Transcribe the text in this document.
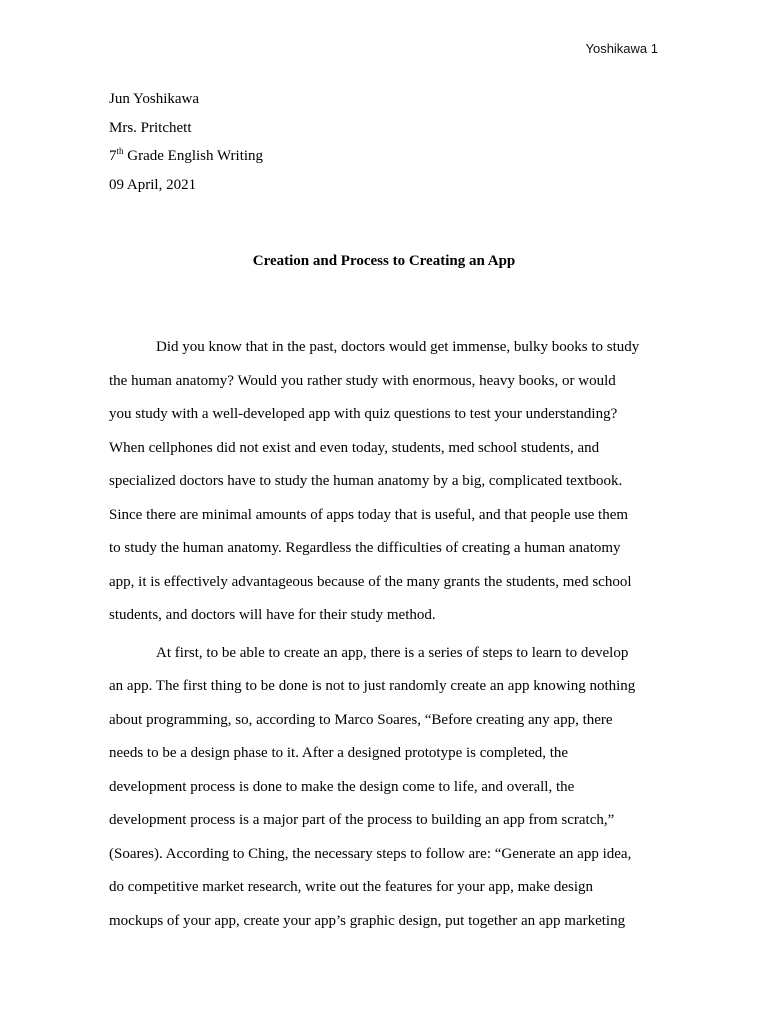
Yoshikawa 1
Jun Yoshikawa
Mrs. Pritchett
7th Grade English Writing
09 April, 2021
Creation and Process to Creating an App
Did you know that in the past, doctors would get immense, bulky books to study
the human anatomy? Would you rather study with enormous, heavy books, or would
you study with a well-developed app with quiz questions to test your understanding?
When cellphones did not exist and even today, students, med school students, and
specialized doctors have to study the human anatomy by a big, complicated textbook.
Since there are minimal amounts of apps today that is useful, and that people use them
to study the human anatomy. Regardless the difficulties of creating a human anatomy
app, it is effectively advantageous because of the many grants the students, med school
students, and doctors will have for their study method.
At first, to be able to create an app, there is a series of steps to learn to develop
an app. The first thing to be done is not to just randomly create an app knowing nothing
about programming, so, according to Marco Soares, “Before creating any app, there
needs to be a design phase to it. After a designed prototype is completed, the
development process is done to make the design come to life, and overall, the
development process is a major part of the process to building an app from scratch,”
(Soares). According to Ching, the necessary steps to follow are: “Generate an app idea,
do competitive market research, write out the features for your app, make design
mockups of your app, create your app’s graphic design, put together an app marketing
